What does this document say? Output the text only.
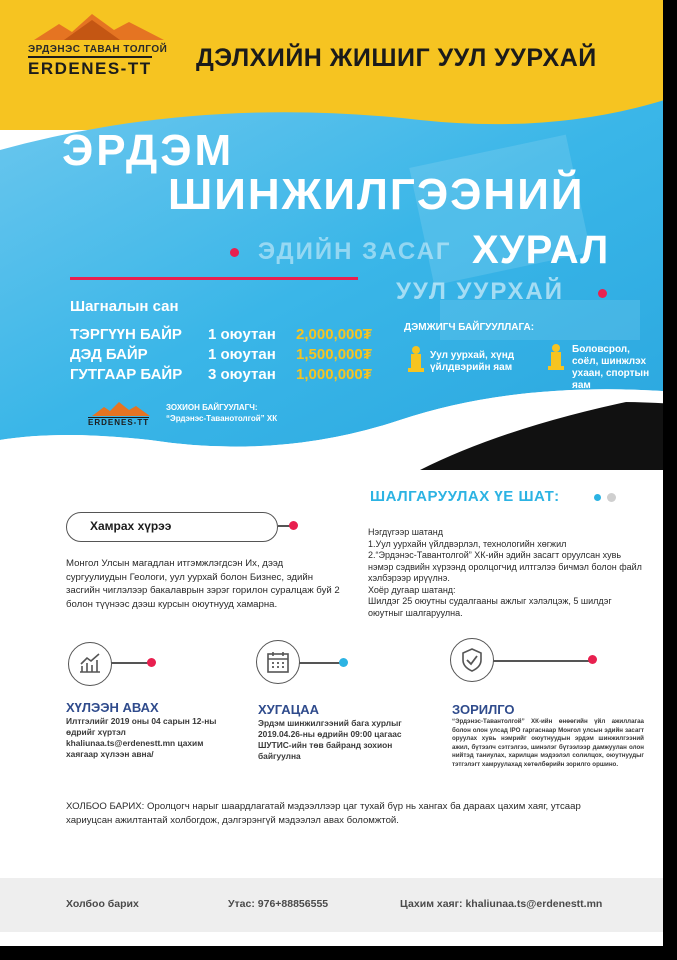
ЭРДЭНЭС ТАВАН ТОЛГОЙ
ERDENES-TT ДЭЛХИЙН ЖИШИГ УУЛ УУРХАЙ
ЭРДЭМ
ШИНЖИЛГЭЭНИЙ
ЭДИЙН ЗАСАГ ХУРАЛ
УУЛ УУРХАЙ
Шагналын сан
ТЭРГҮҮН БАЙР 1 оюутан 2,000,000₮
ДЭД БАЙР	1 оюутан 1,500,000₮
ГУТГААР БАЙР 3 оюутан 1,000,000₮
ДЭМЖИГЧ БАЙГУУЛЛАГА:
Уул уурхай, хүнд үйлдвэрийн яам
Боловсрол, соёл, шинжлэх ухаан, спортын яам
ERDENES-TT
ЗОХИОН БАЙГУУЛАГЧ:
“Эрдэнэс-Таванотолгой” ХК
ШАЛГАРУУЛАХ ҮЕ ШАТ:
Нэгдүгээр шатанд
1.Уул уурхайн үйлдвэрлэл, технологийн хөгжил
2.“Эрдэнэс-Тавантолгой” ХК-ийн эдийн засагт оруулсан хувь нэмэр сэдвийн хүрээнд оролцогчид илтгэлээ бичмэл болон файл хэлбэрээр ирүүлнэ.
Хоёр дугаар шатанд:
Шилдэг 25 оюутны судалгааны ажлыг хэлэлцэж, 5 шилдэг оюутныг шалгаруулна.
Хамрах хүрээ
Монгол Улсын магадлан итгэмжлэгдсэн Их, дээд сургуулиудын Геологи, уул уурхай болон Бизнес, эдийн засгийн чиглэлээр бакалаврын зэрэг горилон суралцаж буй 2 болон түүнээс дээш курсын оюутнууд хамарна.
ХҮЛЭЭН АВАХ
Илтгэлийг 2019 оны 04 сарын 12-ны өдрийг хүртэл khaliunaa.ts@erdenestt.mn цахим хаягаар хүлээн авна/
ХУГАЦАА
Эрдэм шинжилгээний бага хурлыг 2019.04.26-ны өдрийн 09:00 цагаас ШУТИС-ийн төв байранд зохион байгуулна
ЗОРИЛГО
“Эрдэнэс-Тавантолгой” ХК-ийн өнөөгийн үйл ажиллагаа болон олон улсад IPO гаргаснаар Монгол улсын эдийн засагт оруулах хувь нэмрийг оюутнуудын эрдэм шинжилгээний ажил, бүтээлч сэтгэлгээ, шинэлэг бүтээлээр дамжуулан олон нийтэд таниулах, харилцан мэдээлэл солилцох, оюутнуудыг тэтгэлэгт хамруулахад хөтөлбөрийн зорилго оршино.
ХОЛБОО БАРИХ: Оролцогч нарыг шаардлагатай мэдээллээр цаг тухай бүр нь хангах ба дараах цахим хаяг, утсаар хариуцсан ажилтантай холбогдож, дэлгэрэнгүй мэдээлэл авах боломжтой.
Холбоо барих	Утас: 976+88856555	Цахим хаяг: khaliunaa.ts@erdenestt.mn
